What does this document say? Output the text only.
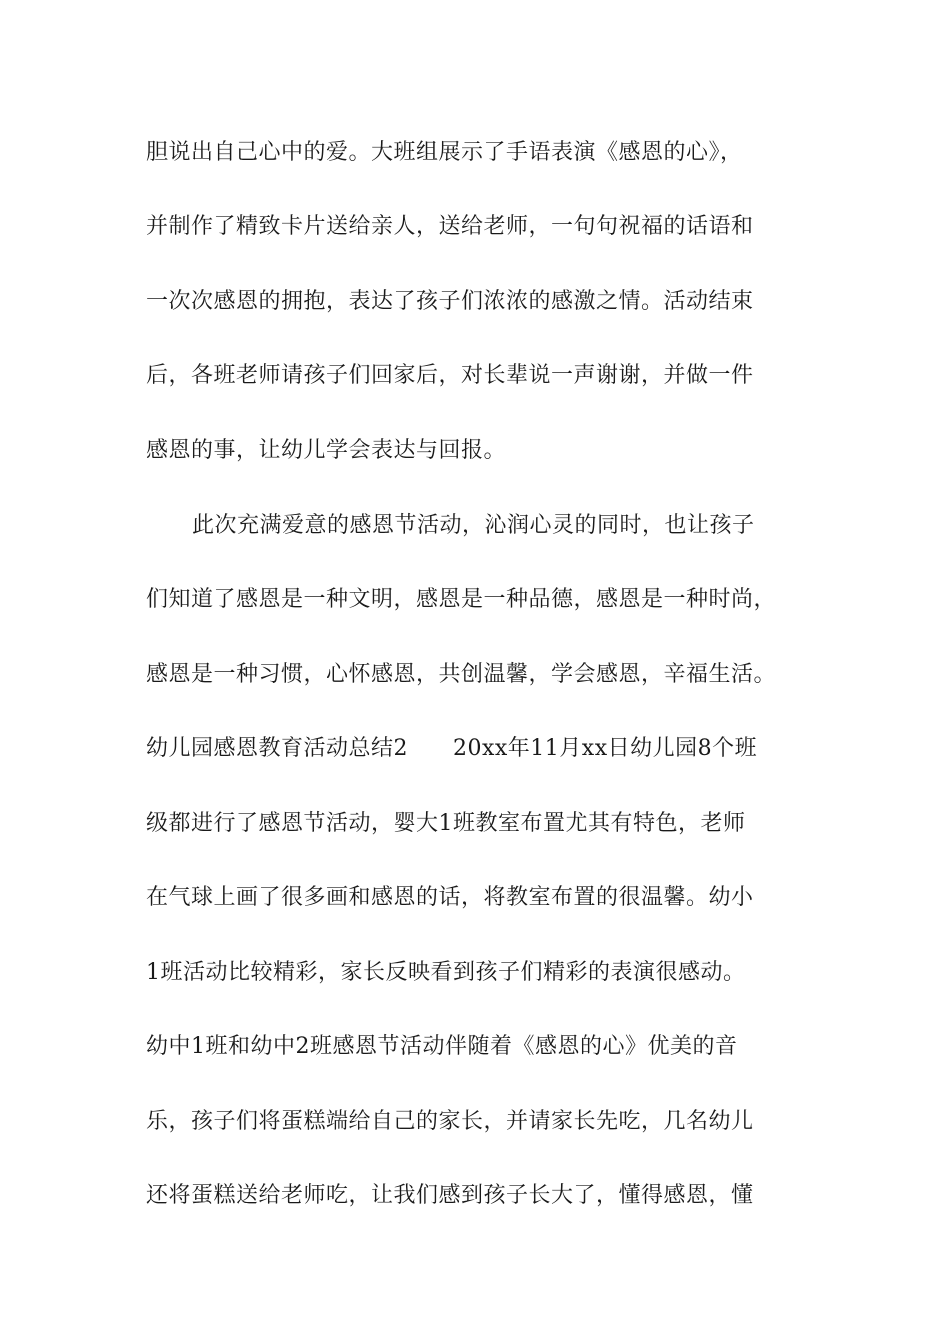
胆说出自己心中的爱。大班组展示了手语表演《感恩的心》，
并制作了精致卡片送给亲人，送给老师，一句句祝福的话语和
一次次感恩的拥抱，表达了孩子们浓浓的感激之情。活动结束
后，各班老师请孩子们回家后，对长辈说一声谢谢，并做一件
感恩的事，让幼儿学会表达与回报。
此次充满爱意的感恩节活动，沁润心灵的同时，也让孩子
们知道了感恩是一种文明，感恩是一种品德，感恩是一种时尚，
感恩是一种习惯，心怀感恩，共创温馨，学会感恩，辛福生活。
幼儿园感恩教育活动总结2　　20xx年11月xx日幼儿园8个班
级都进行了感恩节活动，婴大1班教室布置尤其有特色，老师
在气球上画了很多画和感恩的话，将教室布置的很温馨。幼小
1班活动比较精彩，家长反映看到孩子们精彩的表演很感动。
幼中1班和幼中2班感恩节活动伴随着《感恩的心》优美的音
乐，孩子们将蛋糕端给自己的家长，并请家长先吃，几名幼儿
还将蛋糕送给老师吃，让我们感到孩子长大了，懂得感恩，懂
